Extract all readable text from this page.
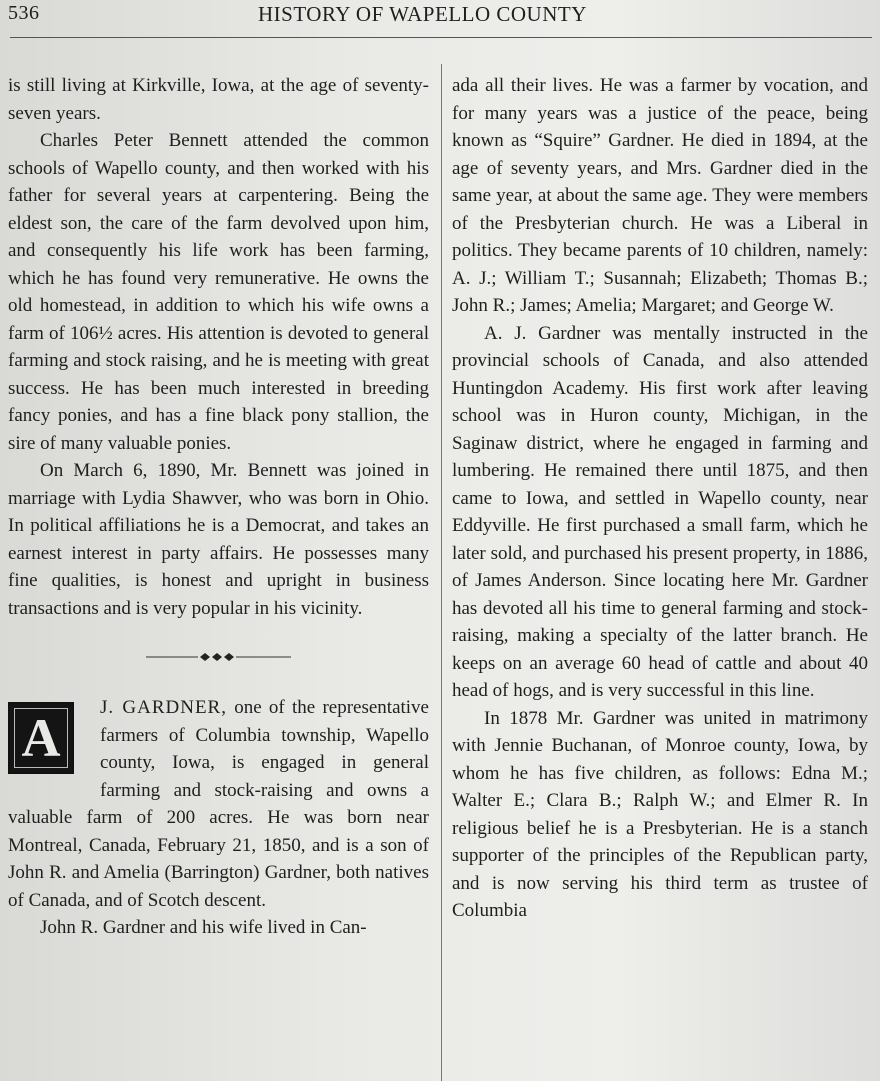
536	HISTORY OF WAPELLO COUNTY

is still living at Kirkville, Iowa, at the age of seventy-seven years.

Charles Peter Bennett attended the common schools of Wapello county, and then worked with his father for several years at carpentering. Being the eldest son, the care of the farm devolved upon him, and consequently his life work has been farming, which he has found very remunerative. He owns the old homestead, in addition to which his wife owns a farm of 106½ acres. His attention is devoted to general farming and stock raising, and he is meeting with great success. He has been much interested in breeding fancy ponies, and has a fine black pony stallion, the sire of many valuable ponies.

On March 6, 1890, Mr. Bennett was joined in marriage with Lydia Shawver, who was born in Ohio. In political affiliations he is a Democrat, and takes an earnest interest in party affairs. He possesses many fine qualities, is honest and upright in business transactions and is very popular in his vicinity.

A

J. GARDNER, one of the representative farmers of Columbia township, Wapello county, Iowa, is engaged in general farming and stock-raising and owns a valuable farm of 200 acres. He was born near Montreal, Canada, February 21, 1850, and is a son of John R. and Amelia (Barrington) Gardner, both natives of Canada, and of Scotch descent.

John R. Gardner and his wife lived in Can-

ada all their lives. He was a farmer by vocation, and for many years was a justice of the peace, being known as “Squire” Gardner. He died in 1894, at the age of seventy years, and Mrs. Gardner died in the same year, at about the same age. They were members of the Presbyterian church. He was a Liberal in politics. They became parents of 10 children, namely: A. J.; William T.; Susannah; Elizabeth; Thomas B.; John R.; James; Amelia; Margaret; and George W.

A. J. Gardner was mentally instructed in the provincial schools of Canada, and also attended Huntingdon Academy. His first work after leaving school was in Huron county, Michigan, in the Saginaw district, where he engaged in farming and lumbering. He remained there until 1875, and then came to Iowa, and settled in Wapello county, near Eddyville. He first purchased a small farm, which he later sold, and purchased his present property, in 1886, of James Anderson. Since locating here Mr. Gardner has devoted all his time to general farming and stock-raising, making a specialty of the latter branch. He keeps on an average 60 head of cattle and about 40 head of hogs, and is very successful in this line.

In 1878 Mr. Gardner was united in matrimony with Jennie Buchanan, of Monroe county, Iowa, by whom he has five children, as follows: Edna M.; Walter E.; Clara B.; Ralph W.; and Elmer R. In religious belief he is a Presbyterian. He is a stanch supporter of the principles of the Republican party, and is now serving his third term as trustee of Columbia
